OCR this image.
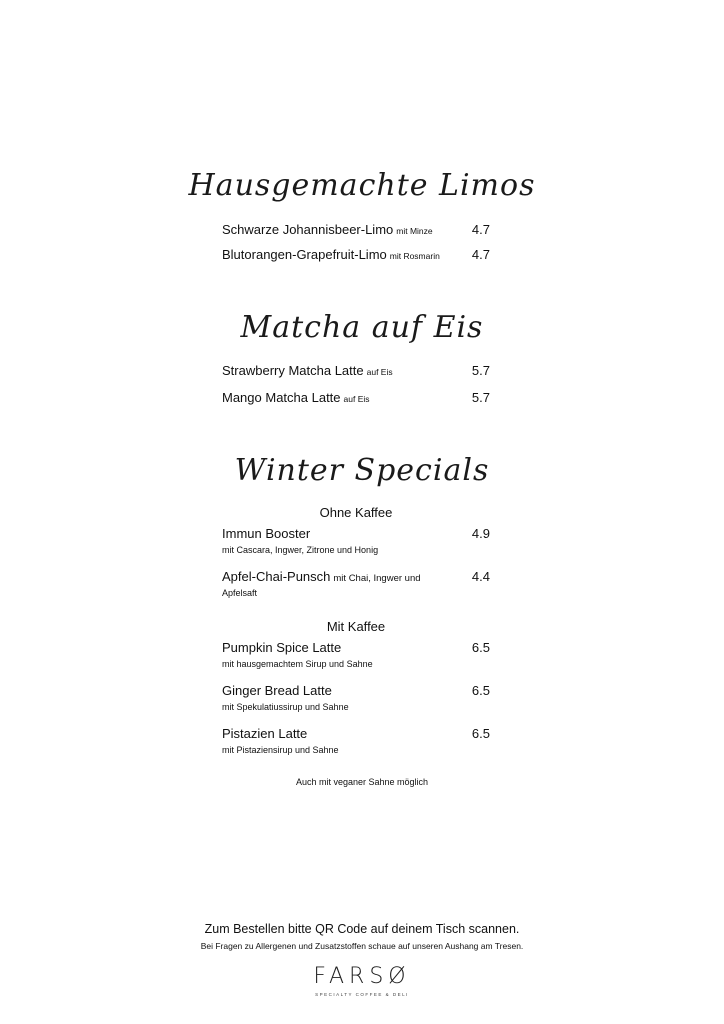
Hausgemachte Limos
Schwarze Johannisbeer-Limo mit Minze	4.7
Blutorangen-Grapefruit-Limo mit Rosmarin 4.7
Matcha auf Eis
Strawberry Matcha Latte auf Eis	5.7
Mango Matcha Latte auf Eis	5.7
Winter Specials
Ohne Kaffee
Immun Booster	4.9
mit Cascara, Ingwer, Zitrone und Honig
Apfel-Chai-Punsch mit Chai, Ingwer und	4.4
Apfelsaft
Mit Kaffee
Pumpkin Spice Latte	6.5
mit hausgemachtem Sirup und Sahne
Ginger Bread Latte	6.5
mit Spekulatiussirup und Sahne
Pistazien Latte	6.5
mit Pistaziensirup und Sahne
Auch mit veganer Sahne möglich
Zum Bestellen bitte QR Code auf deinem Tisch scannen.
Bei Fragen zu Allergenen und Zusatzstoffen schaue auf unseren Aushang am Tresen.
FARSØ
SPECIALTY COFFEE & DELI
